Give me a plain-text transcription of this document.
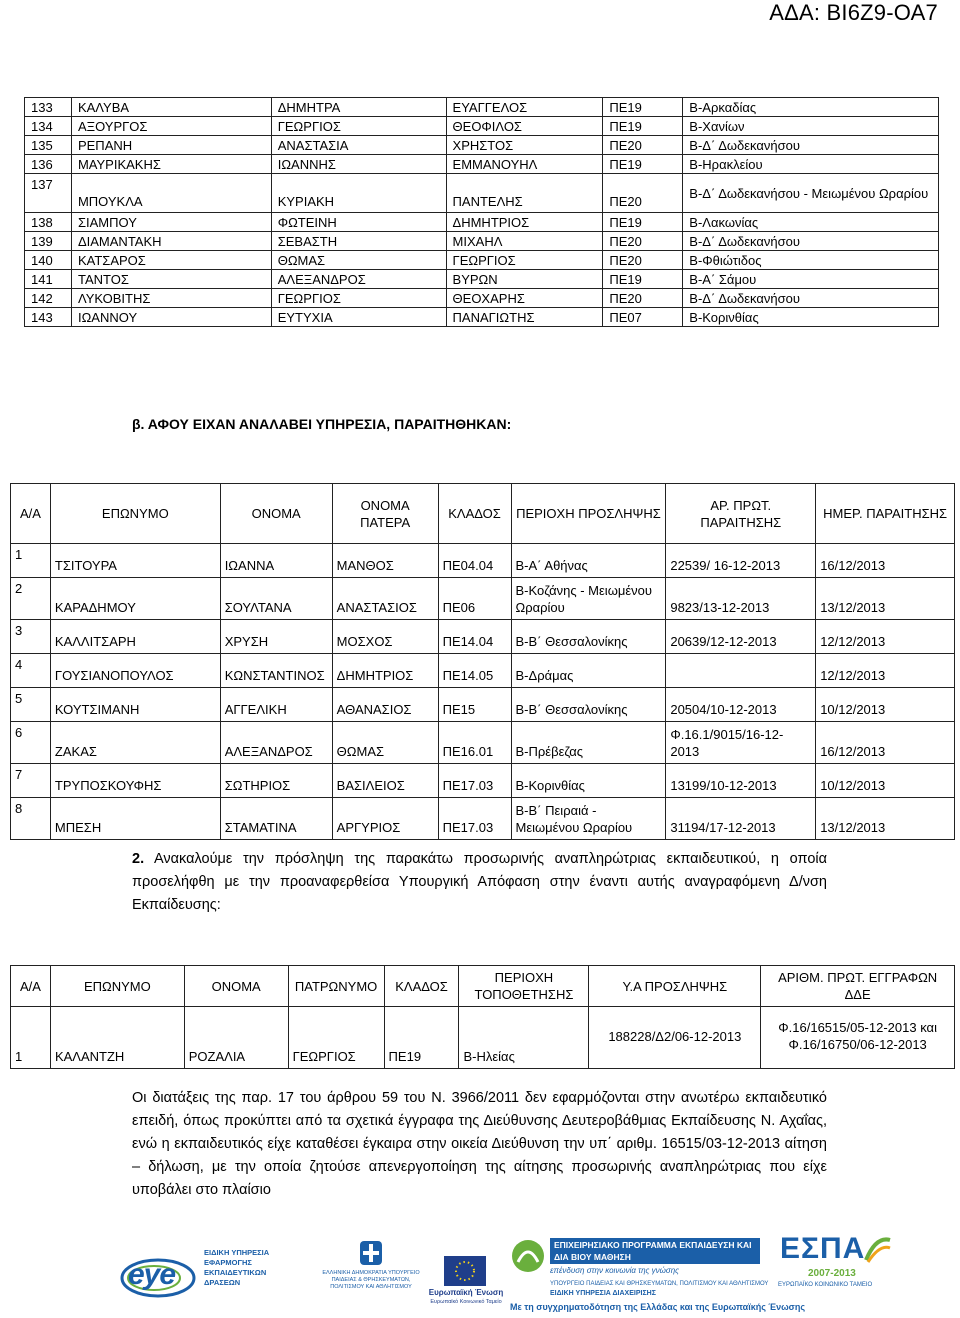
ΑΔΑ: ΒΙ6Ζ9-ΟΑ7
133	ΚΑΛΥΒΑ	ΔΗΜΗΤΡΑ	ΕΥΑΓΓΕΛΟΣ	ΠΕ19	Β-Αρκαδίας
134	ΑΞΟΥΡΓΟΣ	ΓΕΩΡΓΙΟΣ	ΘΕΟΦΙΛΟΣ	ΠΕ19	Β-Χανίων
135	ΡΕΠΑΝΗ	ΑΝΑΣΤΑΣΙΑ	ΧΡΗΣΤΟΣ	ΠΕ20	Β-Δ΄ Δωδεκανήσου
136	ΜΑΥΡΙΚΑΚΗΣ	ΙΩΑΝΝΗΣ	ΕΜΜΑΝΟΥΗΛ	ΠΕ19	Β-Ηρακλείου
137	ΜΠΟΥΚΛΑ	ΚΥΡΙΑΚΗ	ΠΑΝΤΕΛΗΣ	ΠΕ20	Β-Δ΄ Δωδεκανήσου - Μειωμένου Ωραρίου
138	ΣΙΑΜΠΟΥ	ΦΩΤΕΙΝΗ	ΔΗΜΗΤΡΙΟΣ	ΠΕ19	Β-Λακωνίας
139	ΔΙΑΜΑΝΤΑΚΗ	ΣΕΒΑΣΤΗ	ΜΙΧΑΗΛ	ΠΕ20	Β-Δ΄ Δωδεκανήσου
140	ΚΑΤΣΑΡΟΣ	ΘΩΜΑΣ	ΓΕΩΡΓΙΟΣ	ΠΕ20	Β-Φθιώτιδος
141	ΤΑΝΤΟΣ	ΑΛΕΞΑΝΔΡΟΣ	ΒΥΡΩΝ	ΠΕ19	Β-Α΄ Σάμου
142	ΛΥΚΟΒΙΤΗΣ	ΓΕΩΡΓΙΟΣ	ΘΕΟΧΑΡΗΣ	ΠΕ20	Β-Δ΄ Δωδεκανήσου
143	ΙΩΑΝΝΟΥ	ΕΥΤΥΧΙΑ	ΠΑΝΑΓΙΩΤΗΣ	ΠΕ07	Β-Κορινθίας
β. ΑΦΟΥ ΕΙΧΑΝ ΑΝΑΛΑΒΕΙ ΥΠΗΡΕΣΙΑ, ΠΑΡΑΙΤΗΘΗΚΑΝ:
Α/Α	ΕΠΩΝΥΜΟ	ΟΝΟΜΑ	ΟΝΟΜΑ ΠΑΤΕΡΑ	ΚΛΑΔΟΣ	ΠΕΡΙΟΧΗ ΠΡΟΣΛΗΨΗΣ	ΑΡ. ΠΡΩΤ. ΠΑΡΑΙΤΗΣΗΣ	ΗΜΕΡ. ΠΑΡΑΙΤΗΣΗΣ
1	ΤΣΙΤΟΥΡΑ	ΙΩΑΝΝΑ	ΜΑΝΘΟΣ	ΠΕ04.04	Β-Α΄ Αθήνας	22539/ 16-12-2013	16/12/2013
2	ΚΑΡΑΔΗΜΟΥ	ΣΟΥΛΤΑΝΑ	ΑΝΑΣΤΑΣΙΟΣ	ΠΕ06	Β-Κοζάνης - Μειωμένου Ωραρίου	9823/13-12-2013	13/12/2013
3	ΚΑΛΛΙΤΣΑΡΗ	ΧΡΥΣΗ	ΜΟΣΧΟΣ	ΠΕ14.04	Β-Β΄ Θεσσαλονίκης	20639/12-12-2013	12/12/2013
4	ΓΟΥΣΙΑΝΟΠΟΥΛΟΣ	ΚΩΝΣΤΑΝΤΙΝΟΣ	ΔΗΜΗΤΡΙΟΣ	ΠΕ14.05	Β-Δράμας		12/12/2013
5	ΚΟΥΤΣΙΜΑΝΗ	ΑΓΓΕΛΙΚΗ	ΑΘΑΝΑΣΙΟΣ	ΠΕ15	Β-Β΄ Θεσσαλονίκης	20504/10-12-2013	10/12/2013
6	ΖΑΚΑΣ	ΑΛΕΞΑΝΔΡΟΣ	ΘΩΜΑΣ	ΠΕ16.01	Β-Πρέβεζας	Φ.16.1/9015/16-12-2013	16/12/2013
7	ΤΡΥΠΟΣΚΟΥΦΗΣ	ΣΩΤΗΡΙΟΣ	ΒΑΣΙΛΕΙΟΣ	ΠΕ17.03	Β-Κορινθίας	13199/10-12-2013	10/12/2013
8	ΜΠΕΣΗ	ΣΤΑΜΑΤΙΝΑ	ΑΡΓΥΡΙΟΣ	ΠΕ17.03	Β-Β΄ Πειραιά - Μειωμένου Ωραρίου	31194/17-12-2013	13/12/2013
2. Ανακαλούμε την πρόσληψη της παρακάτω προσωρινής αναπληρώτριας εκπαιδευτικού, η οποία προσελήφθη με την προαναφερθείσα Υπουργική Απόφαση στην έναντι αυτής αναγραφόμενη Δ/νση Εκπαίδευσης:
Α/Α	ΕΠΩΝΥΜΟ	ΟΝΟΜΑ	ΠΑΤΡΩΝΥΜΟ	ΚΛΑΔΟΣ	ΠΕΡΙΟΧΗ ΤΟΠΟΘΕΤΗΣΗΣ	Υ.Α ΠΡΟΣΛΗΨΗΣ	ΑΡΙΘΜ. ΠΡΩΤ. ΕΓΓΡΑΦΩΝ ΔΔΕ
1	ΚΑΛΑΝΤΖΗ	ΡΟΖΑΛΙΑ	ΓΕΩΡΓΙΟΣ	ΠΕ19	Β-Ηλείας	188228/Δ2/06-12-2013	Φ.16/16515/05-12-2013 και Φ.16/16750/06-12-2013
Οι διατάξεις της παρ. 17 του άρθρου 59 του Ν. 3966/2011 δεν εφαρμόζονται στην ανωτέρω εκπαιδευτικό επειδή, όπως προκύπτει από τα σχετικά έγγραφα της Διεύθυνσης Δευτεροβάθμιας Εκπαίδευσης Ν. Αχαΐας, ενώ η εκπαιδευτικός είχε καταθέσει έγκαιρα στην οικεία Διεύθυνση την υπ΄ αριθμ. 16515/03-12-2013 αίτηση – δήλωση, με την οποία ζητούσε απενεργοποίηση της αίτησης προσωρινής αναπληρώτριας που είχε υποβάλει στο πλαίσιο
eye
ΕΙΔΙΚΗ ΥΠΗΡΕΣΙΑ ΕΦΑΡΜΟΓΗΣ ΕΚΠΑΙΔΕΥΤΙΚΩΝ ΔΡΑΣΕΩΝ
ΕΛΛΗΝΙΚΗ ΔΗΜΟΚΡΑΤΙΑ ΥΠΟΥΡΓΕΙΟ ΠΑΙΔΕΙΑΣ & ΘΡΗΣΚΕΥΜΑΤΩΝ, ΠΟΛΙΤΙΣΜΟΥ ΚΑΙ ΑΘΛΗΤΙΣΜΟΥ
Ευρωπαϊκή Ένωση
Ευρωπαϊκό Κοινωνικό Ταμείο
ΕΠΙΧΕΙΡΗΣΙΑΚΟ ΠΡΟΓΡΑΜΜΑ ΕΚΠΑΙΔΕΥΣΗ ΚΑΙ ΔΙΑ ΒΙΟΥ ΜΑΘΗΣΗ
επένδυση στην κοινωνία της γνώσης
ΥΠΟΥΡΓΕΙΟ ΠΑΙΔΕΙΑΣ ΚΑΙ ΘΡΗΣΚΕΥΜΑΤΩΝ, ΠΟΛΙΤΙΣΜΟΥ ΚΑΙ ΑΘΛΗΤΙΣΜΟΥ
ΕΙΔΙΚΗ ΥΠΗΡΕΣΙΑ ΔΙΑΧΕΙΡΙΣΗΣ
ΕΣΠΑ
2007-2013
ΕΥΡΩΠΑΪΚΟ ΚΟΙΝΩΝΙΚΟ ΤΑΜΕΙΟ
Με τη συγχρηματοδότηση της Ελλάδας και της Ευρωπαϊκής Ένωσης
